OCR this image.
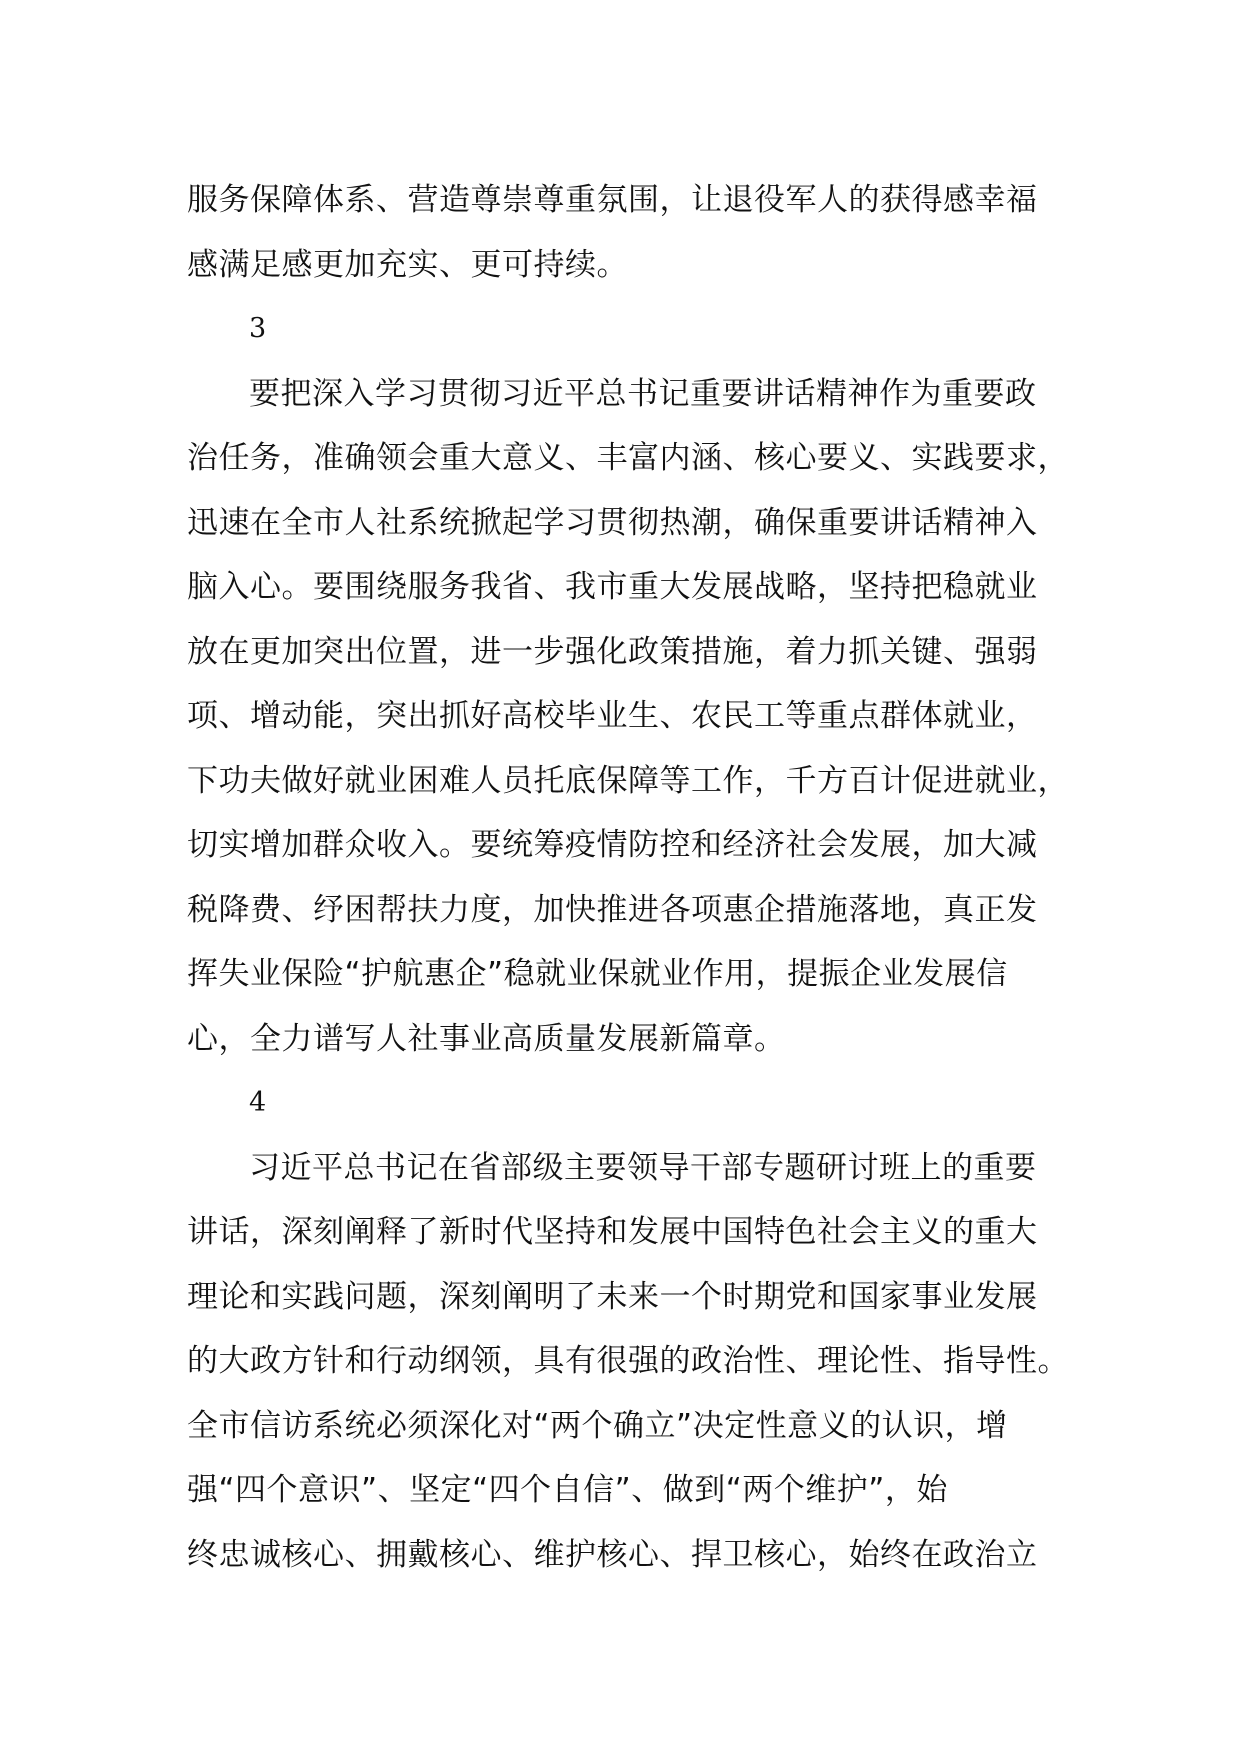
服务保障体系、营造尊崇尊重氛围，让退役军人的获得感幸福
感满足感更加充实、更可持续。
3
要把深入学习贯彻习近平总书记重要讲话精神作为重要政
治任务，准确领会重大意义、丰富内涵、核心要义、实践要求，
迅速在全市人社系统掀起学习贯彻热潮，确保重要讲话精神入
脑入心。要围绕服务我省、我市重大发展战略，坚持把稳就业
放在更加突出位置，进一步强化政策措施，着力抓关键、强弱
项、增动能，突出抓好高校毕业生、农民工等重点群体就业，
下功夫做好就业困难人员托底保障等工作，千方百计促进就业，
切实增加群众收入。要统筹疫情防控和经济社会发展，加大减
税降费、纾困帮扶力度，加快推进各项惠企措施落地，真正发
挥失业保险“护航惠企”稳就业保就业作用，提振企业发展信
心，全力谱写人社事业高质量发展新篇章。
4
习近平总书记在省部级主要领导干部专题研讨班上的重要
讲话，深刻阐释了新时代坚持和发展中国特色社会主义的重大
理论和实践问题，深刻阐明了未来一个时期党和国家事业发展
的大政方针和行动纲领，具有很强的政治性、理论性、指导性。
全市信访系统必须深化对“两个确立”决定性意义的认识，增
强“四个意识”、坚定“四个自信”、做到“两个维护”，始
终忠诚核心、拥戴核心、维护核心、捍卫核心，始终在政治立
